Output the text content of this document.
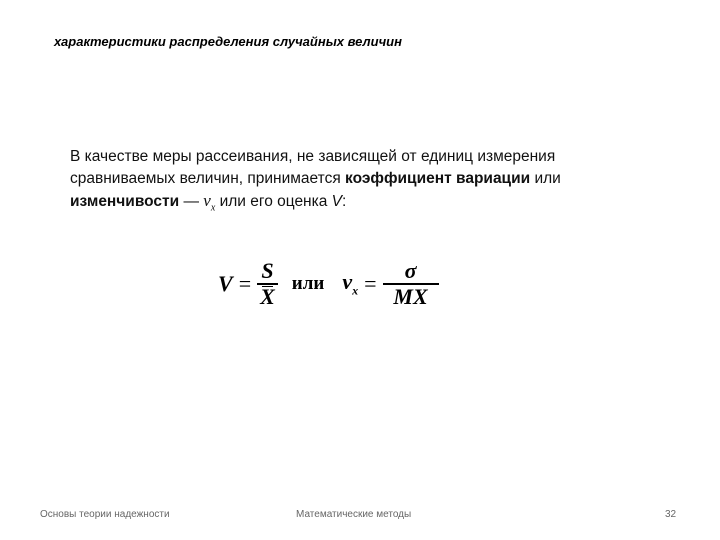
характеристики распределения случайных величин
В качестве меры рассеивания, не зависящей от единиц измерения
сравниваемых величин, принимается коэффициент вариации или
изменчивости — $\nu_x$ или его оценка V:
$V = \frac{S}{X}$ или $\nu_x = \frac{\sigma}{MX}$
Основы теории надежности	Математические методы	32
